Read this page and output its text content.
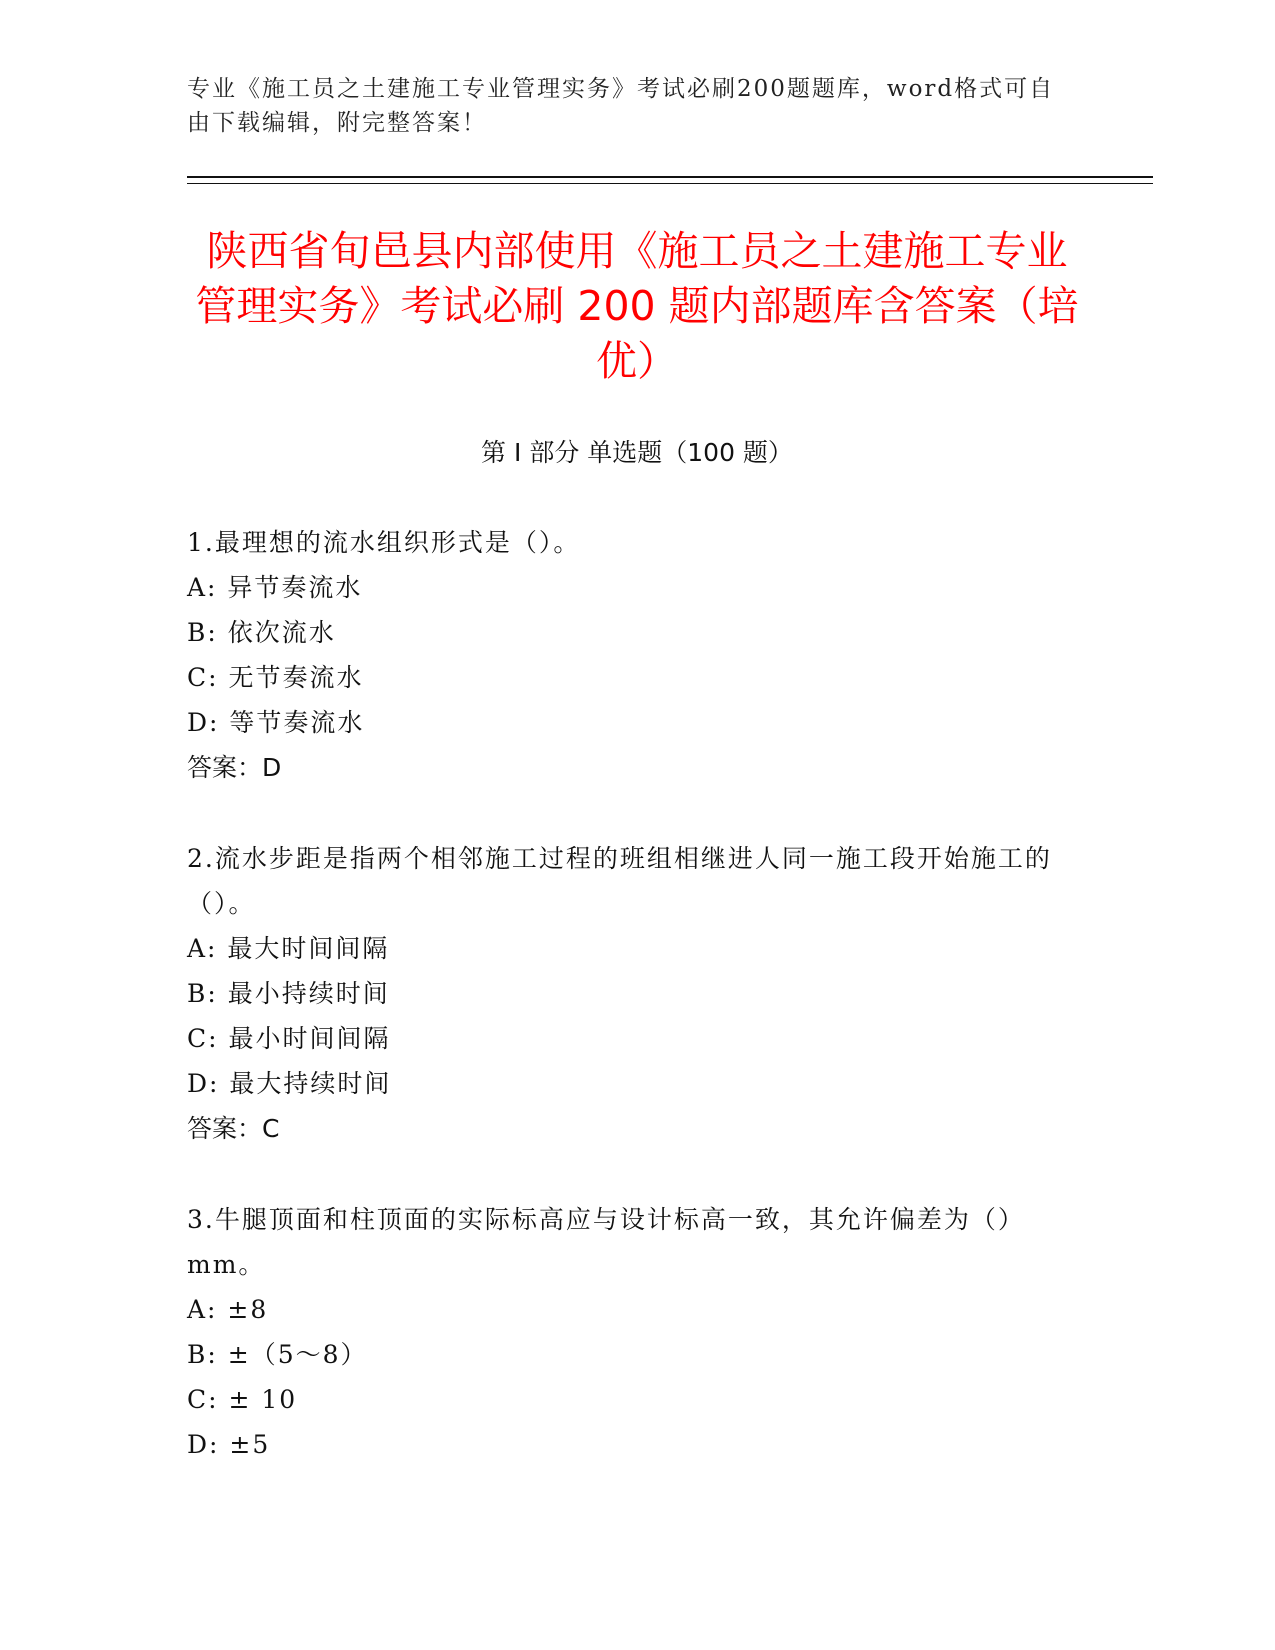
专业《施工员之土建施工专业管理实务》考试必刷200题题库，word格式可自由下载编辑，附完整答案！
陕西省旬邑县内部使用《施工员之土建施工专业管理实务》考试必刷 200 题内部题库含答案（培优）
第 I 部分 单选题（100 题）
1.最理想的流水组织形式是（）。
A: 异节奏流水
B: 依次流水
C: 无节奏流水
D: 等节奏流水
答案：D
2.流水步距是指两个相邻施工过程的班组相继进人同一施工段开始施工的（）。
A: 最大时间间隔
B: 最小持续时间
C: 最小时间间隔
D: 最大持续时间
答案：C
3.牛腿顶面和柱顶面的实际标高应与设计标高一致，其允许偏差为（）mm。
A: ±8
B: ±（5～8）
C: ± 10
D: ±5
